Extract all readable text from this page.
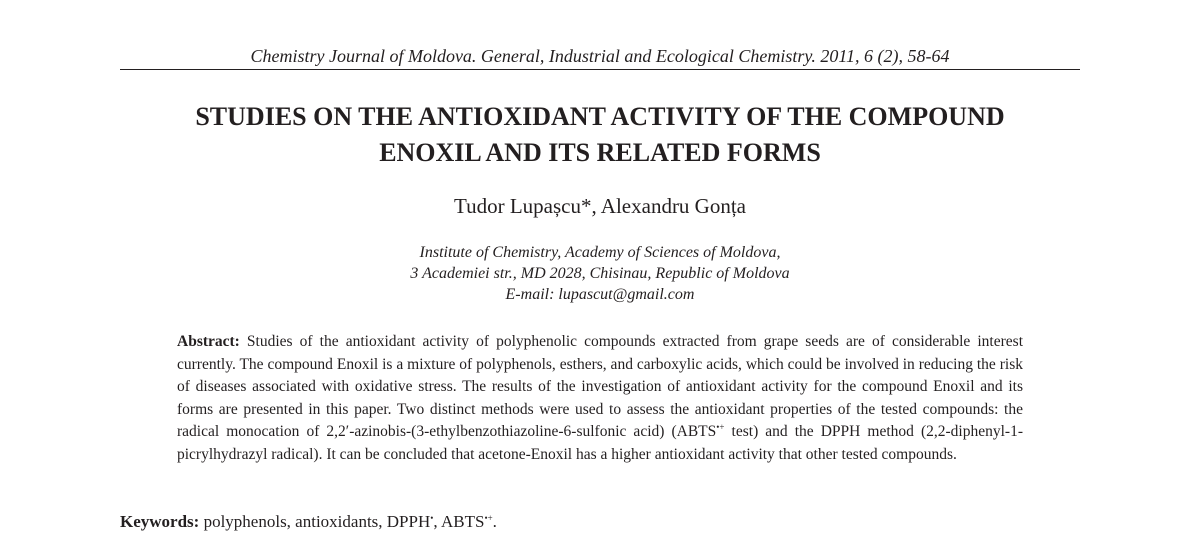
Chemistry Journal of Moldova. General, Industrial and Ecological Chemistry. 2011, 6 (2), 58-64
STUDIES ON THE ANTIOXIDANT ACTIVITY OF THE COMPOUND
ENOXIL AND ITS RELATED FORMS
Tudor Lupașcu*, Alexandru Gonța
Institute of Chemistry, Academy of Sciences of Moldova,
3 Academiei str., MD 2028, Chisinau, Republic of Moldova
E-mail: lupascut@gmail.com
Abstract: Studies of the antioxidant activity of polyphenolic compounds extracted from grape seeds are of considerable interest currently. The compound Enoxil is a mixture of polyphenols, esthers, and carboxylic acids, which could be involved in reducing the risk of diseases associated with oxidative stress. The results of the investigation of antioxidant activity for the compound Enoxil and its forms are presented in this paper. Two distinct methods were used to assess the antioxidant properties of the tested compounds: the radical monocation of 2,2′-azinobis-(3-ethylbenzothiazoline-6-sulfonic acid) (ABTS•+ test) and the DPPH method (2,2-diphenyl-1-picrylhydrazyl radical). It can be concluded that acetone-Enoxil has a higher antioxidant activity that other tested compounds.
Keywords: polyphenols, antioxidants, DPPH•, ABTS•+.
